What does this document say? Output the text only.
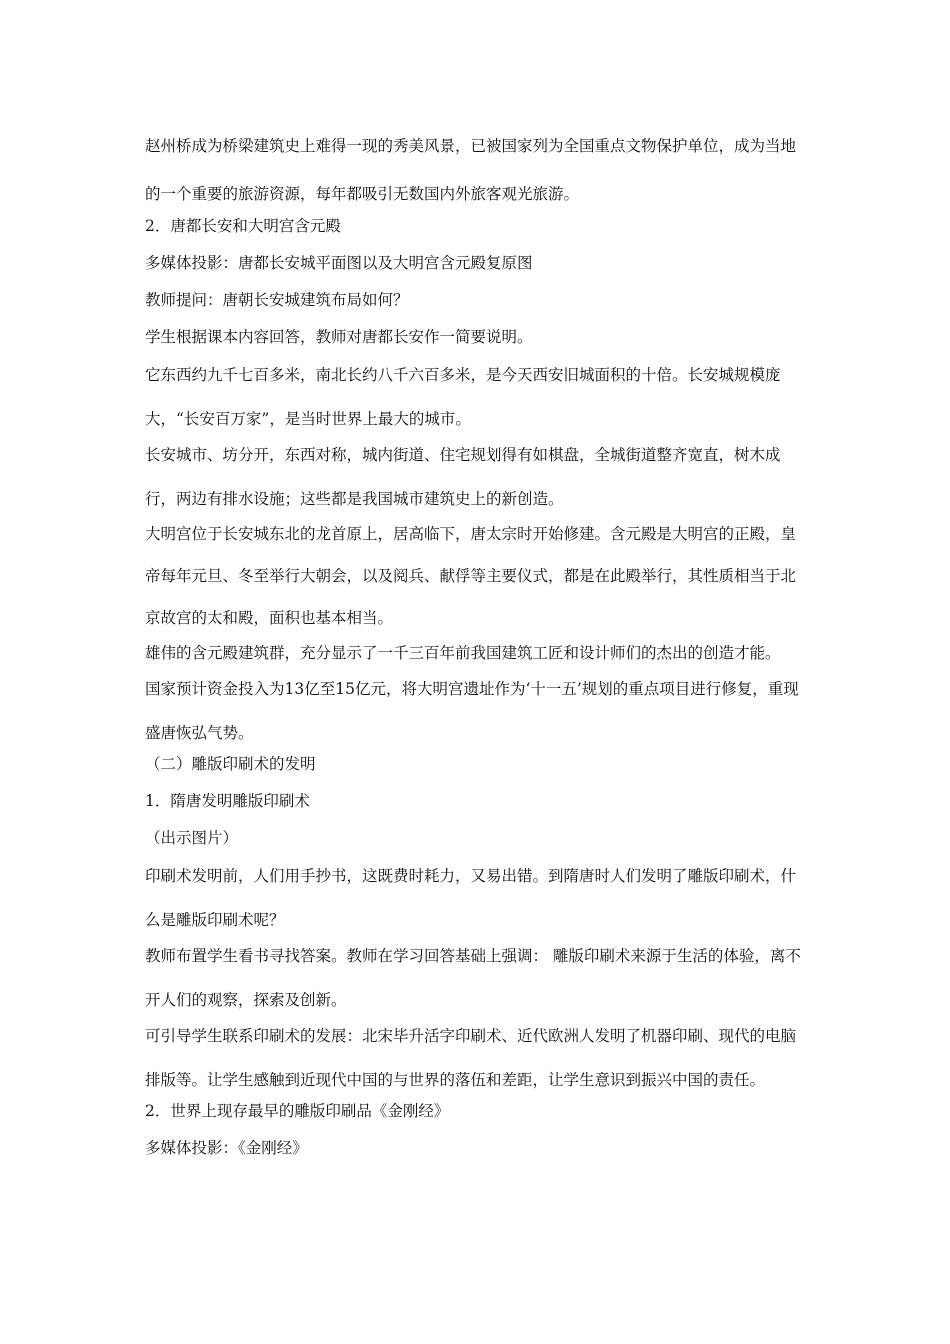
赵州桥成为桥梁建筑史上难得一现的秀美风景，已被国家列为全国重点文物保护单位，成为当地的一个重要的旅游资源，每年都吸引无数国内外旅客观光旅游。
2．唐都长安和大明宫含元殿
多媒体投影：唐都长安城平面图以及大明宫含元殿复原图
教师提问：唐朝长安城建筑布局如何？
学生根据课本内容回答，教师对唐都长安作一简要说明。
它东西约九千七百多米，南北长约八千六百多米，是今天西安旧城面积的十倍。长安城规模庞大，“长安百万家”，是当时世界上最大的城市。
长安城市、坊分开，东西对称，城内街道、住宅规划得有如棋盘，全城街道整齐宽直，树木成行，两边有排水设施；这些都是我国城市建筑史上的新创造。
大明宫位于长安城东北的龙首原上，居高临下，唐太宗时开始修建。含元殿是大明宫的正殿，皇帝每年元旦、冬至举行大朝会，以及阅兵、献俘等主要仪式，都是在此殿举行，其性质相当于北京故宫的太和殿，面积也基本相当。
雄伟的含元殿建筑群，充分显示了一千三百年前我国建筑工匠和设计师们的杰出的创造才能。
国家预计资金投入为13亿至15亿元，将大明宫遗址作为‘十一五’规划的重点项目进行修复，重现盛唐恢弘气势。
（二）雕版印刷术的发明
1．隋唐发明雕版印刷术
（出示图片）
印刷术发明前，人们用手抄书，这既费时耗力，又易出错。到隋唐时人们发明了雕版印刷术，什么是雕版印刷术呢？
教师布置学生看书寻找答案。教师在学习回答基础上强调： 雕版印刷术来源于生活的体验，离不开人们的观察，探索及创新。
可引导学生联系印刷术的发展：北宋毕升活字印刷术、近代欧洲人发明了机器印刷、现代的电脑排版等。让学生感触到近现代中国的与世界的落伍和差距，让学生意识到振兴中国的责任。
2．世界上现存最早的雕版印刷品《金刚经》
多媒体投影：《金刚经》
